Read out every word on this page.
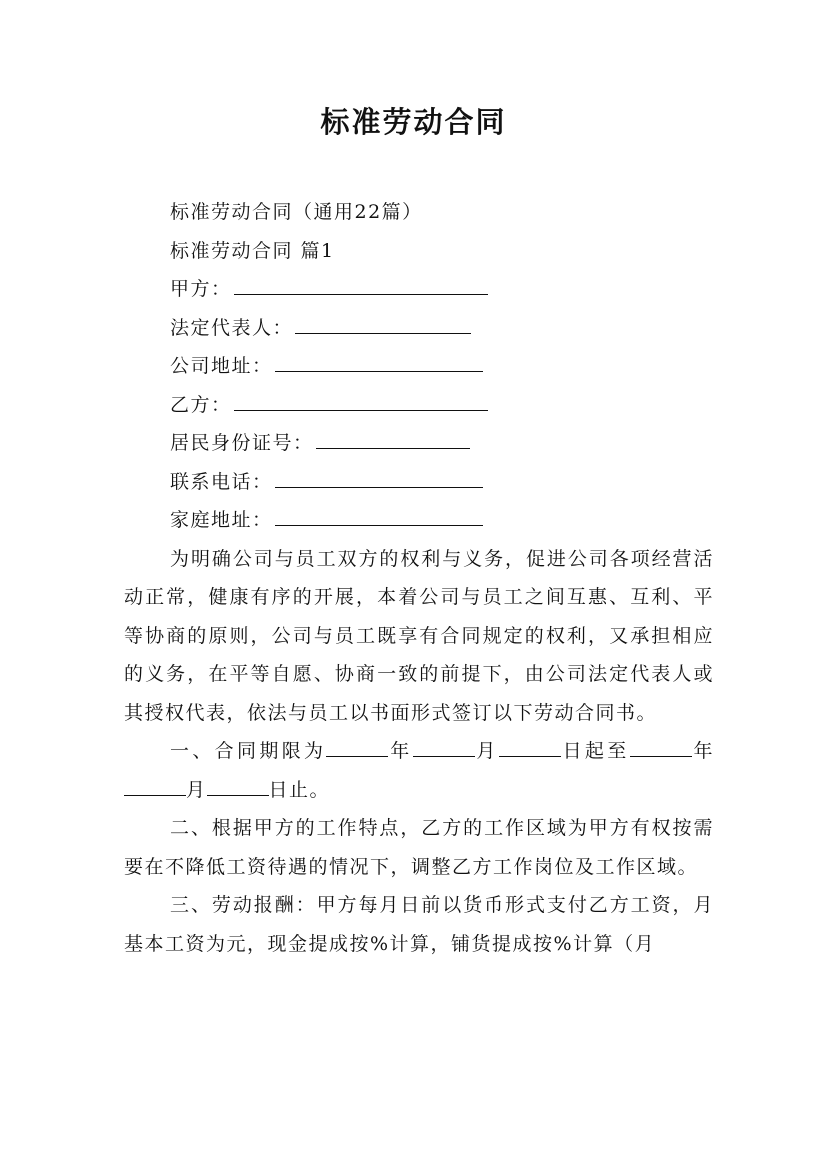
标准劳动合同
标准劳动合同（通用22篇）
标准劳动合同 篇1
甲方：
法定代表人：
公司地址：
乙方：
居民身份证号：
联系电话：
家庭地址：
为明确公司与员工双方的权利与义务，促进公司各项经营活动正常，健康有序的开展，本着公司与员工之间互惠、互利、平等协商的原则，公司与员工既享有合同规定的权利，又承担相应的义务，在平等自愿、协商一致的前提下，由公司法定代表人或其授权代表，依法与员工以书面形式签订以下劳动合同书。
一、合同期限为	年	月	日起至	年月	日止。
二、根据甲方的工作特点，乙方的工作区域为甲方有权按需要在不降低工资待遇的情况下，调整乙方工作岗位及工作区域。
三、劳动报酬：甲方每月日前以货币形式支付乙方工资，月基本工资为元，现金提成按%计算，铺货提成按%计算（月
